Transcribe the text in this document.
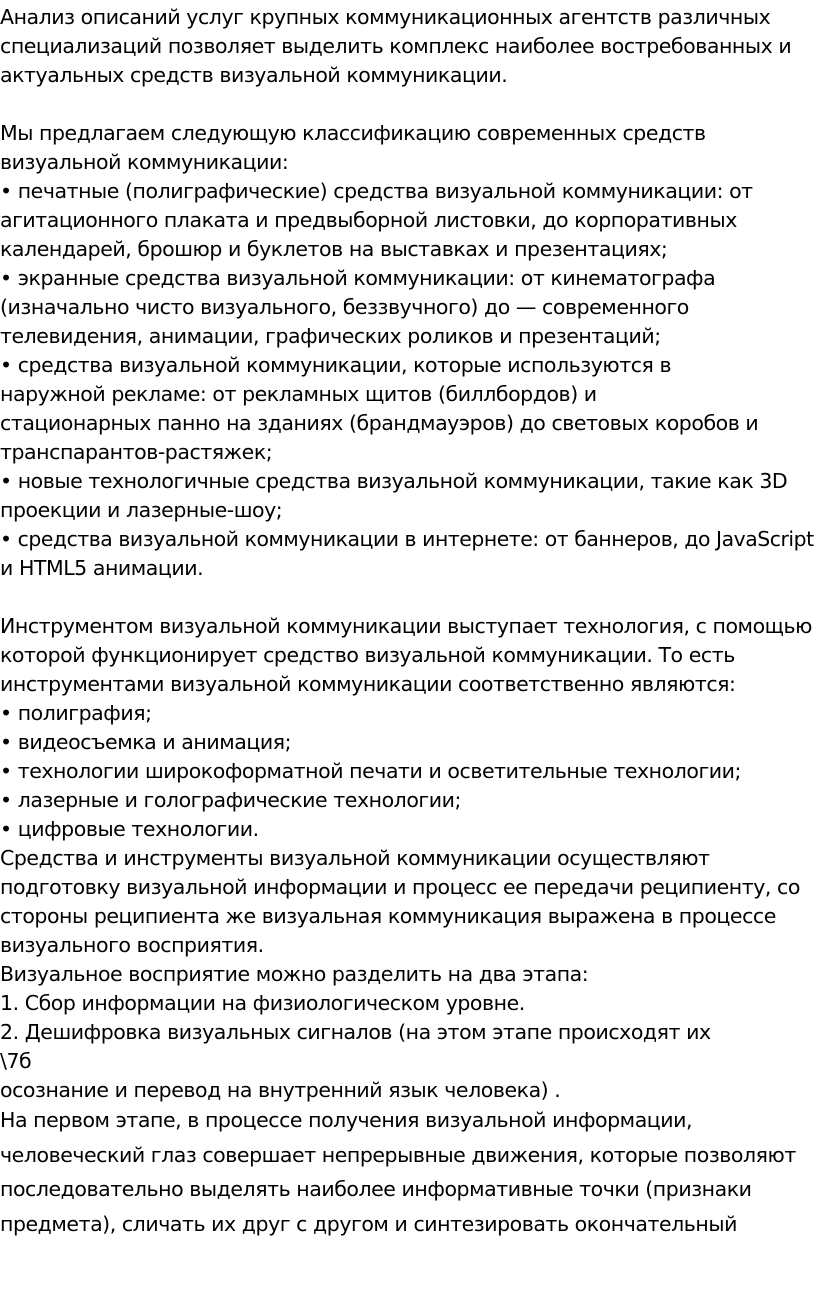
Анализ описаний услуг крупных коммуникационных агентств различных
специализаций позволяет выделить комплекс наиболее востребованных и
актуальных средств визуальной коммуникации.
Мы предлагаем следующую классификацию современных средств
визуальной коммуникации:
• печатные (полиграфические) средства визуальной коммуникации: от
агитационного плаката и предвыборной листовки, до корпоративных
календарей, брошюр и буклетов на выставках и презентациях;
• экранные средства визуальной коммуникации: от кинематографа
(изначально чисто визуального, беззвучного) до — современного
телевидения, анимации, графических роликов и презентаций;
• средства визуальной коммуникации, которые используются в
наружной рекламе: от рекламных щитов (биллбордов) и
стационарных панно на зданиях (брандмауэров) до световых коробов и
транспарантов-растяжек;
• новые технологичные средства визуальной коммуникации, такие как 3D
проекции и лазерные-шоу;
• средства визуальной коммуникации в интернете: от баннеров, до JavaScript
и HTML5 анимации.
Инструментом визуальной коммуникации выступает технология, с помощью
которой функционирует средство визуальной коммуникации. То есть
инструментами визуальной коммуникации соответственно являются:
• полиграфия;
• видеосъемка и анимация;
• технологии широкоформатной печати и осветительные технологии;
• лазерные и голографические технологии;
• цифровые технологии.
Средства и инструменты визуальной коммуникации осуществляют
подготовку визуальной информации и процесс ее передачи реципиенту, со
стороны реципиента же визуальная коммуникация выражена в процессе
визуального восприятия.
Визуальное восприятие можно разделить на два этапа:
1. Сбор информации на физиологическом уровне.
2. Дешифровка визуальных сигналов (на этом этапе происходят их
\7б
осознание и перевод на внутренний язык человека) .
На первом этапе, в процессе получения визуальной информации,
человеческий глаз совершает непрерывные движения, которые позволяют
последовательно выделять наиболее информативные точки (признаки
предмета), сличать их друг с другом и синтезировать окончательный
